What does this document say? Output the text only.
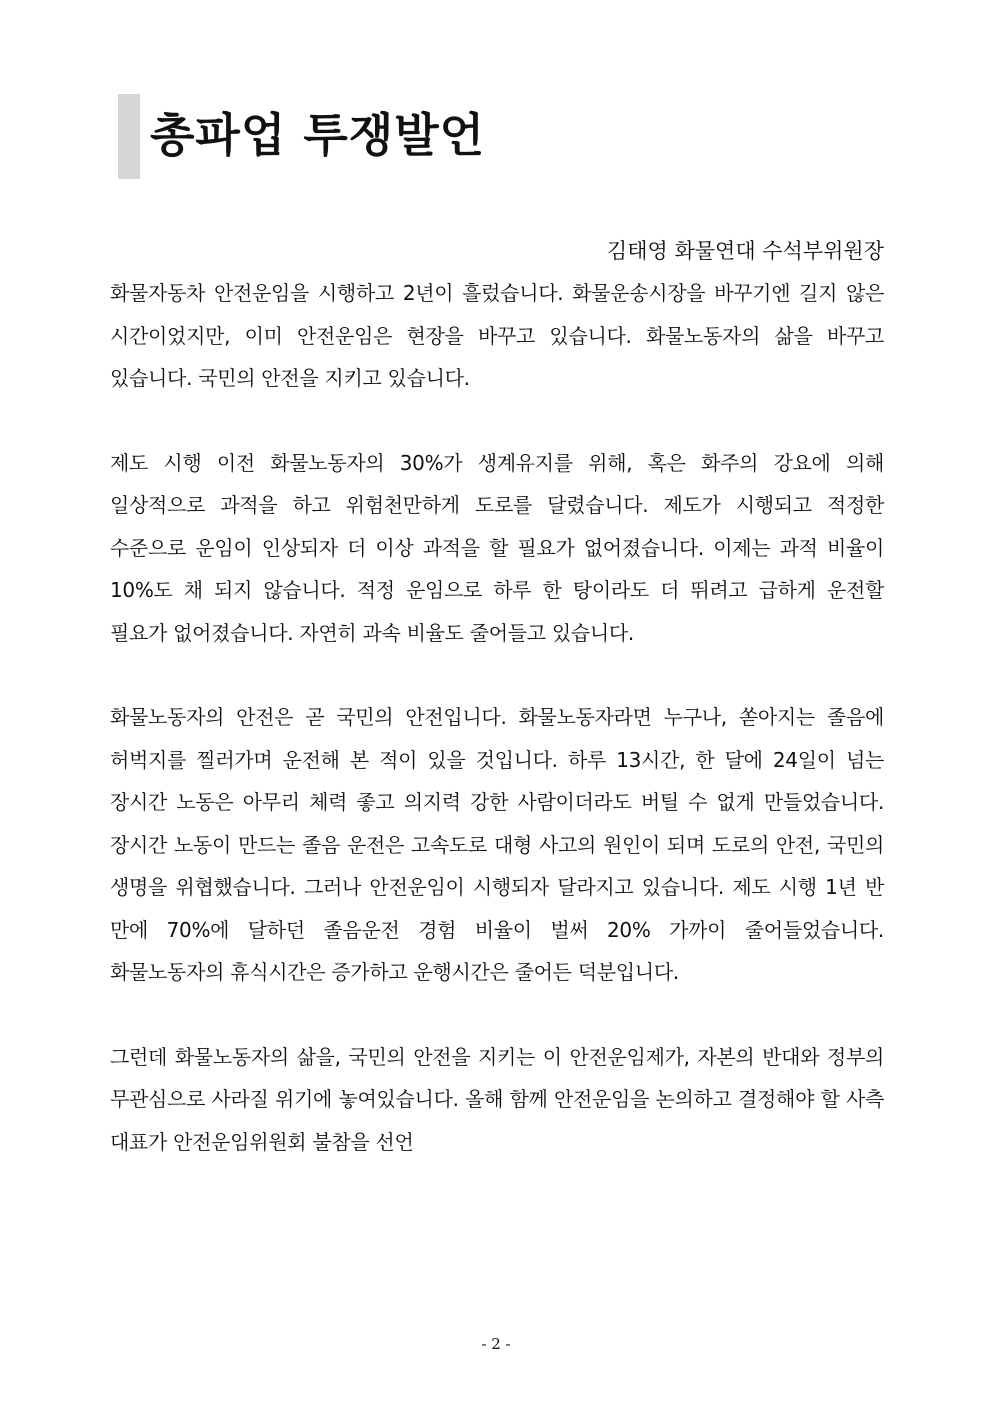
총파업 투쟁발언

김태영 화물연대 수석부위원장

화물자동차 안전운임을 시행하고 2년이 흘렀습니다. 화물운송시장을 바꾸기엔 길지 않은 시간이었지만, 이미 안전운임은 현장을 바꾸고 있습니다. 화물노동자의 삶을 바꾸고 있습니다. 국민의 안전을 지키고 있습니다.

제도 시행 이전 화물노동자의 30%가 생계유지를 위해, 혹은 화주의 강요에 의해 일상적으로 과적을 하고 위험천만하게 도로를 달렸습니다. 제도가 시행되고 적정한 수준으로 운임이 인상되자 더 이상 과적을 할 필요가 없어졌습니다. 이제는 과적 비율이 10%도 채 되지 않습니다. 적정 운임으로 하루 한 탕이라도 더 뛰려고 급하게 운전할 필요가 없어졌습니다. 자연히 과속 비율도 줄어들고 있습니다.

화물노동자의 안전은 곧 국민의 안전입니다. 화물노동자라면 누구나, 쏟아지는 졸음에 허벅지를 찔러가며 운전해 본 적이 있을 것입니다. 하루 13시간, 한 달에 24일이 넘는 장시간 노동은 아무리 체력 좋고 의지력 강한 사람이더라도 버틸 수 없게 만들었습니다. 장시간 노동이 만드는 졸음 운전은 고속도로 대형 사고의 원인이 되며 도로의 안전, 국민의 생명을 위협했습니다. 그러나 안전운임이 시행되자 달라지고 있습니다. 제도 시행 1년 반 만에 70%에 달하던 졸음운전 경험 비율이 벌써 20% 가까이 줄어들었습니다. 화물노동자의 휴식시간은 증가하고 운행시간은 줄어든 덕분입니다.

그런데 화물노동자의 삶을, 국민의 안전을 지키는 이 안전운임제가, 자본의 반대와 정부의 무관심으로 사라질 위기에 놓여있습니다. 올해 함께 안전운임을 논의하고 결정해야 할 사측 대표가 안전운임위원회 불참을 선언

- 2 -
